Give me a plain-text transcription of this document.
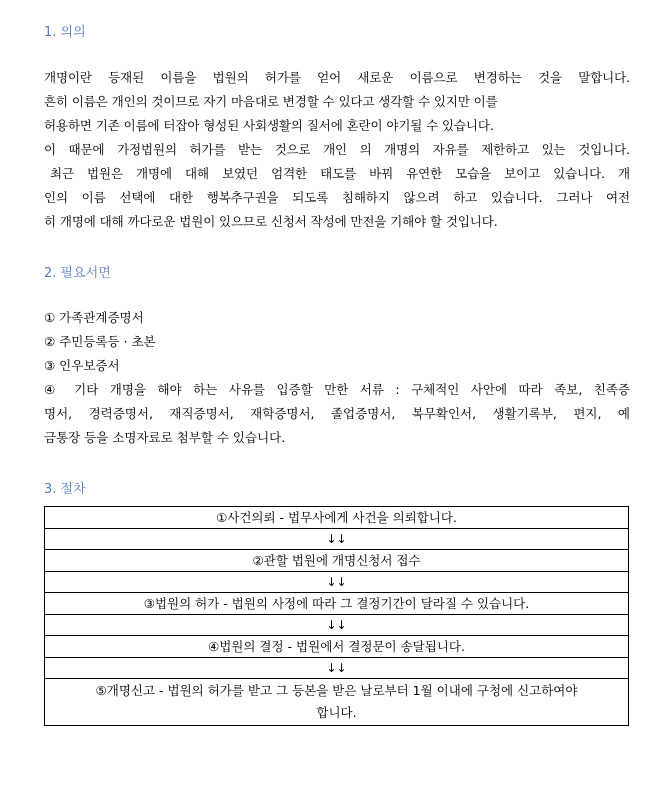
1. 의의
개명이란 등재된 이름을 법원의 허가를 얻어 새로운 이름으로 변경하는 것을 말합니다.
흔히 이름은 개인의 것이므로 자기 마음대로 변경할 수 있다고 생각할 수 있지만 이를
허용하면 기존 이름에 터잡아 형성된 사회생활의 질서에 혼란이 야기될 수 있습니다.
이 때문에 가정법원의 허가를 받는 것으로 개인 의 개명의 자유를 제한하고 있는 것입니다.
최근 법원은 개명에 대해 보였던 엄격한 태도를 바꿔 유연한 모습을 보이고 있습니다. 개
인의 이름 선택에 대한 행복추구권을 되도록 침해하지 않으려 하고 있습니다. 그러나 여전
히 개명에 대해 까다로운 법원이 있으므로 신청서 작성에 만전을 기해야 할 것입니다.
2. 필요서면
① 가족관계증명서
② 주민등록등 · 초본
③ 인우보증서
④ 기타 개명을 해야 하는 사유를 입증할 만한 서류 : 구체적인 사안에 따라 족보, 친족증
명서, 경력증명서, 재직증명서, 재학증명서, 졸업증명서, 복무확인서, 생활기록부, 편지, 예
금통장 등을 소명자료로 첨부할 수 있습니다.
3. 절차
①사건의뢰 - 법무사에게 사건을 의뢰합니다.
↓↓
②관할 법원에 개명신청서 접수
↓↓
③법원의 허가 - 법원의 사정에 따라 그 결정기간이 달라질 수 있습니다.
↓↓
④법원의 결정 - 법원에서 결정문이 송달됩니다.
↓↓

⑤개명신고 - 법원의 허가를 받고 그 등본을 받은 날로부터 1월 이내에 구청에 신고하여야
합니다.
